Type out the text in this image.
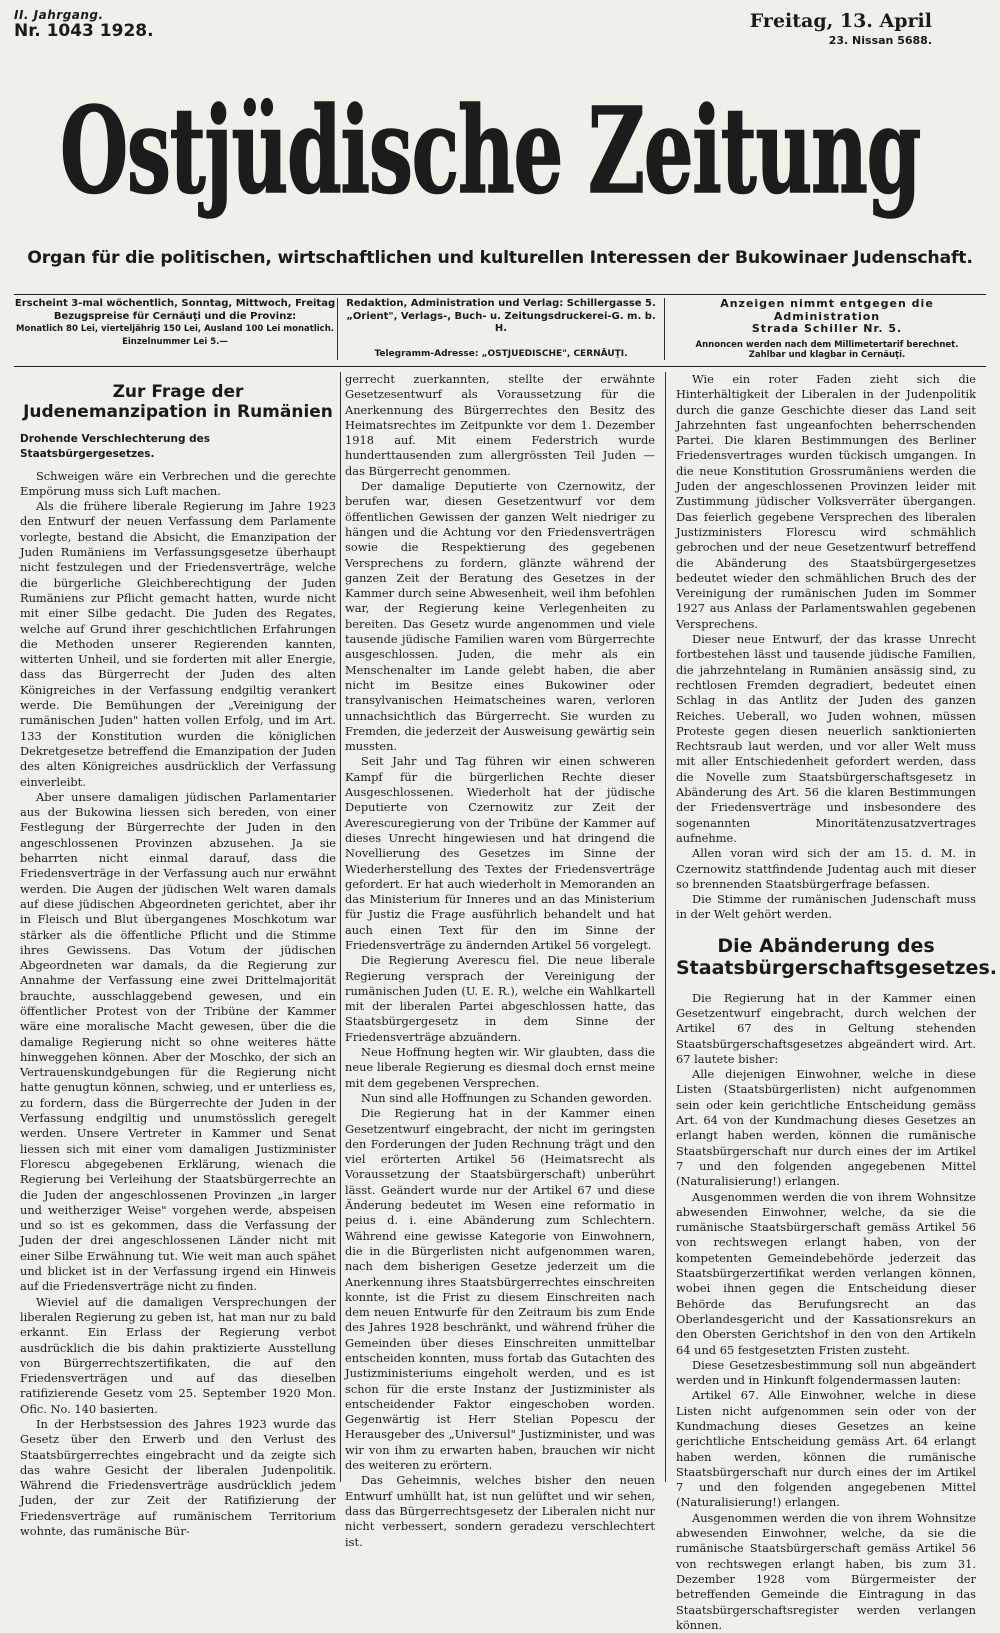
II. Jahrgang.
Nr. 1043 1928.	Freitag, 13. April
23. Nissan 5688.
Ostjüdische Zeitung
Organ für die politischen, wirtschaftlichen und kulturellen Interessen der Bukowinaer Judenschaft.
Erscheint 3-mal wöchentlich, Sonntag, Mittwoch, Freitag
Bezugspreise für Cernăuţi und die Provinz:
Monatlich 80 Lei, vierteljährig 150 Lei, Ausland 100 Lei monatlich.
Einzelnummer Lei 5.—
Redaktion, Administration und Verlag: Schillergasse 5.
„Orient", Verlags-, Buch- u. Zeitungsdruckerei-G. m. b. H.
Telegramm-Adresse: „OSTJUEDISCHE", CERNĂUŢI.
Anzeigen nimmt entgegen die Administration
Strada Schiller Nr. 5.
Annoncen werden nach dem Millimetertarif berechnet.
Zahlbar und klagbar in Cernăuţi.
Zur Frage der Judenemanzipation in Rumänien
Drohende Verschlechterung des Staatsbürgergesetzes.

Schweigen wäre ein Verbrechen und die gerechte Empörung muss sich Luft machen.

Als die frühere liberale Regierung im Jahre 1923 den Entwurf der neuen Verfassung dem Parlamente vorlegte, bestand die Absicht, die Emanzipation der Juden Rumäniens im Verfassungsgesetze überhaupt nicht festzulegen und der Friedensverträge, welche die bürgerliche Gleichberechtigung der Juden Rumäniens zur Pflicht gemacht hatten, wurde nicht mit einer Silbe gedacht. Die Juden des Regates, welche auf Grund ihrer geschichtlichen Erfahrungen die Methoden unserer Regierenden kannten, witterten Unheil, und sie forderten mit aller Energie, dass das Bürgerrecht der Juden des alten Königreiches in der Verfassung endgiltig verankert werde. Die Bemühungen der „Vereinigung der rumänischen Juden" hatten vollen Erfolg, und im Art. 133 der Konstitution wurden die königlichen Dekretgesetze betreffend die Emanzipation der Juden des alten Königreiches ausdrücklich der Verfassung einverleibt.

Aber unsere damaligen jüdischen Parlamentarier aus der Bukowina liessen sich bereden, von einer Festlegung der Bürgerrechte der Juden in den angeschlossenen Provinzen abzusehen. Ja sie beharrten nicht einmal darauf, dass die Friedensverträge in der Verfassung auch nur erwähnt werden. Die Augen der jüdischen Welt waren damals auf diese jüdischen Abgeordneten gerichtet, aber ihr in Fleisch und Blut übergangenes Moschkotum war stärker als die öffentliche Pflicht und die Stimme ihres Gewissens. Das Votum der jüdischen Abgeordneten war damals, da die Regierung zur Annahme der Verfassung eine zwei Drittelmajorität brauchte, ausschlaggebend gewesen, und ein öffentlicher Protest von der Tribüne der Kammer wäre eine moralische Macht gewesen, über die die damalige Regierung nicht so ohne weiteres hätte hinweggehen können. Aber der Moschko, der sich an Vertrauenskundgebungen für die Regierung nicht hatte genugtun können, schwieg, und er unterliess es, zu fordern, dass die Bürgerrechte der Juden in der Verfassung endgiltig und unumstösslich geregelt werden. Unsere Vertreter in Kammer und Senat liessen sich mit einer vom damaligen Justizminister Florescu abgegebenen Erklärung, wienach die Regierung bei Verleihung der Staatsbürgerrechte an die Juden der angeschlossenen Provinzen „in larger und weitherziger Weise" vorgehen werde, abspeisen und so ist es gekommen, dass die Verfassung der Juden der drei angeschlossenen Länder nicht mit einer Silbe Erwähnung tut. Wie weit man auch spähet und blicket ist in der Verfassung irgend ein Hinweis auf die Friedensverträge nicht zu finden.

Wieviel auf die damaligen Versprechungen der liberalen Regierung zu geben ist, hat man nur zu bald erkannt. Ein Erlass der Regierung verbot ausdrücklich die bis dahin praktizierte Ausstellung von Bürgerrechtszertifikaten, die auf den Friedensverträgen und auf das dieselben ratifizierende Gesetz vom 25. September 1920 Mon. Ofic. No. 140 basierten.

In der Herbstsession des Jahres 1923 wurde das Gesetz über den Erwerb und den Verlust des Staatsbürgerrechtes eingebracht und da zeigte sich das wahre Gesicht der liberalen Judenpolitik. Während die Friedensverträge ausdrücklich jedem Juden, der zur Zeit der Ratifizierung der Friedensverträge auf rumänischem Territorium wohnte, das rumänische Bür-

gerrecht zuerkannten, stellte der erwähnte Gesetzesentwurf als Voraussetzung für die Anerkennung des Bürgerrechtes den Besitz des Heimatsrechtes im Zeitpunkte vor dem 1. Dezember 1918 auf. Mit einem Federstrich wurde hunderttausenden zum allergrössten Teil Juden — das Bürgerrecht genommen.

Der damalige Deputierte von Czernowitz, der berufen war, diesen Gesetzentwurf vor dem öffentlichen Gewissen der ganzen Welt niedriger zu hängen und die Achtung vor den Friedensverträgen sowie die Respektierung des gegebenen Versprechens zu fordern, glänzte während der ganzen Zeit der Beratung des Gesetzes in der Kammer durch seine Abwesenheit, weil ihm befohlen war, der Regierung keine Verlegenheiten zu bereiten. Das Gesetz wurde angenommen und viele tausende jüdische Familien waren vom Bürgerrechte ausgeschlossen. Juden, die mehr als ein Menschenalter im Lande gelebt haben, die aber nicht im Besitze eines Bukowiner oder transylvanischen Heimatscheines waren, verloren unnachsichtlich das Bürgerrecht. Sie wurden zu Fremden, die jederzeit der Ausweisung gewärtig sein mussten.

Seit Jahr und Tag führen wir einen schweren Kampf für die bürgerlichen Rechte dieser Ausgeschlossenen. Wiederholt hat der jüdische Deputierte von Czernowitz zur Zeit der Averescuregierung von der Tribüne der Kammer auf dieses Unrecht hingewiesen und hat dringend die Novellierung des Gesetzes im Sinne der Wiederherstellung des Textes der Friedensverträge gefordert. Er hat auch wiederholt in Memoranden an das Ministerium für Inneres und an das Ministerium für Justiz die Frage ausführlich behandelt und hat auch einen Text für den im Sinne der Friedensverträge zu ändernden Artikel 56 vorgelegt.

Die Regierung Averescu fiel. Die neue liberale Regierung versprach der Vereinigung der rumänischen Juden (U. E. R.), welche ein Wahlkartell mit der liberalen Partei abgeschlossen hatte, das Staatsbürgergesetz in dem Sinne der Friedensverträge abzuändern.

Neue Hoffnung hegten wir. Wir glaubten, dass die neue liberale Regierung es diesmal doch ernst meine mit dem gegebenen Versprechen.

Nun sind alle Hoffnungen zu Schanden geworden.

Die Regierung hat in der Kammer einen Gesetzentwurf eingebracht, der nicht im geringsten den Forderungen der Juden Rechnung trägt und den viel erörterten Artikel 56 (Heimatsrecht als Voraussetzung der Staatsbürgerschaft) unberührt lässt. Geändert wurde nur der Artikel 67 und diese Änderung bedeutet im Wesen eine reformatio in peius d. i. eine Abänderung zum Schlechtern. Während eine gewisse Kategorie von Einwohnern, die in die Bürgerlisten nicht aufgenommen waren, nach dem bisherigen Gesetze jederzeit um die Anerkennung ihres Staatsbürgerrechtes einschreiten konnte, ist die Frist zu diesem Einschreiten nach dem neuen Entwurfe für den Zeitraum bis zum Ende des Jahres 1928 beschränkt, und während früher die Gemeinden über dieses Einschreiten unmittelbar entscheiden konnten, muss fortab das Gutachten des Justizministeriums eingeholt werden, und es ist schon für die erste Instanz der Justizminister als entscheidender Faktor eingeschoben worden. Gegenwärtig ist Herr Stelian Popescu der Herausgeber des „Universul" Justizminister, und was wir von ihm zu erwarten haben, brauchen wir nicht des weiteren zu erörtern.

Das Geheimnis, welches bisher den neuen Entwurf umhüllt hat, ist nun gelüftet und wir sehen, dass das Bürgerrechtsgesetz der Liberalen nicht nur nicht verbessert, sondern geradezu verschlechtert ist.

Wie ein roter Faden zieht sich die Hinterhältigkeit der Liberalen in der Judenpolitik durch die ganze Geschichte dieser das Land seit Jahrzehnten fast ungeanfochten beherrschenden Partei. Die klaren Bestimmungen des Berliner Friedensvertrages wurden tückisch umgangen. In die neue Konstitution Grossrumäniens werden die Juden der angeschlossenen Provinzen leider mit Zustimmung jüdischer Volksverräter übergangen. Das feierlich gegebene Versprechen des liberalen Justizministers Florescu wird schmählich gebrochen und der neue Gesetzentwurf betreffend die Abänderung des Staatsbürgergesetzes bedeutet wieder den schmählichen Bruch des der Vereinigung der rumänischen Juden im Sommer 1927 aus Anlass der Parlamentswahlen gegebenen Versprechens.

Dieser neue Entwurf, der das krasse Unrecht fortbestehen lässt und tausende jüdische Familien, die jahrzehntelang in Rumänien ansässig sind, zu rechtlosen Fremden degradiert, bedeutet einen Schlag in das Antlitz der Juden des ganzen Reiches. Ueberall, wo Juden wohnen, müssen Proteste gegen diesen neuerlich sanktionierten Rechtsraub laut werden, und vor aller Welt muss mit aller Entschiedenheit gefordert werden, dass die Novelle zum Staatsbürgerschaftsgesetz in Abänderung des Art. 56 die klaren Bestimmungen der Friedensverträge und insbesondere des sogenannten Minoritätenzusatzvertrages aufnehme.

Allen voran wird sich der am 15. d. M. in Czernowitz stattfindende Judentag auch mit dieser so brennenden Staatsbürgerfrage befassen.

Die Stimme der rumänischen Judenschaft muss in der Welt gehört werden.

Die Abänderung des Staatsbürgerschaftsgesetzes.

Die Regierung hat in der Kammer einen Gesetzentwurf eingebracht, durch welchen der Artikel 67 des in Geltung stehenden Staatsbürgerschaftsgesetzes abgeändert wird. Art. 67 lautete bisher:

Alle diejenigen Einwohner, welche in diese Listen (Staatsbürgerlisten) nicht aufgenommen sein oder kein gerichtliche Entscheidung gemäss Art. 64 von der Kundmachung dieses Gesetzes an erlangt haben werden, können die rumänische Staatsbürgerschaft nur durch eines der im Artikel 7 und den folgenden angegebenen Mittel (Naturalisierung!) erlangen.

Ausgenommen werden die von ihrem Wohnsitze abwesenden Einwohner, welche, da sie die rumänische Staatsbürgerschaft gemäss Artikel 56 von rechtswegen erlangt haben, von der kompetenten Gemeindebehörde jederzeit das Staatsbürgerzertifikat werden verlangen können, wobei ihnen gegen die Entscheidung dieser Behörde das Berufungsrecht an das Oberlandesgericht und der Kassationsrekurs an den Obersten Gerichtshof in den von den Artikeln 64 und 65 festgesetzten Fristen zusteht.

Diese Gesetzesbestimmung soll nun abgeändert werden und in Hinkunft folgendermassen lauten:

Artikel 67. Alle Einwohner, welche in diese Listen nicht aufgenommen sein oder von der Kundmachung dieses Gesetzes an keine gerichtliche Entscheidung gemäss Art. 64 erlangt haben werden, können die rumänische Staatsbürgerschaft nur durch eines der im Artikel 7 und den folgenden angegebenen Mittel (Naturalisierung!) erlangen.

Ausgenommen werden die von ihrem Wohnsitze abwesenden Einwohner, welche, da sie die rumänische Staatsbürgerschaft gemäss Artikel 56 von rechtswegen erlangt haben, bis zum 31. Dezember 1928 vom Bürgermeister der betreffenden Gemeinde die Eintragung in das Staatsbürgerschaftsregister werden verlangen können.
